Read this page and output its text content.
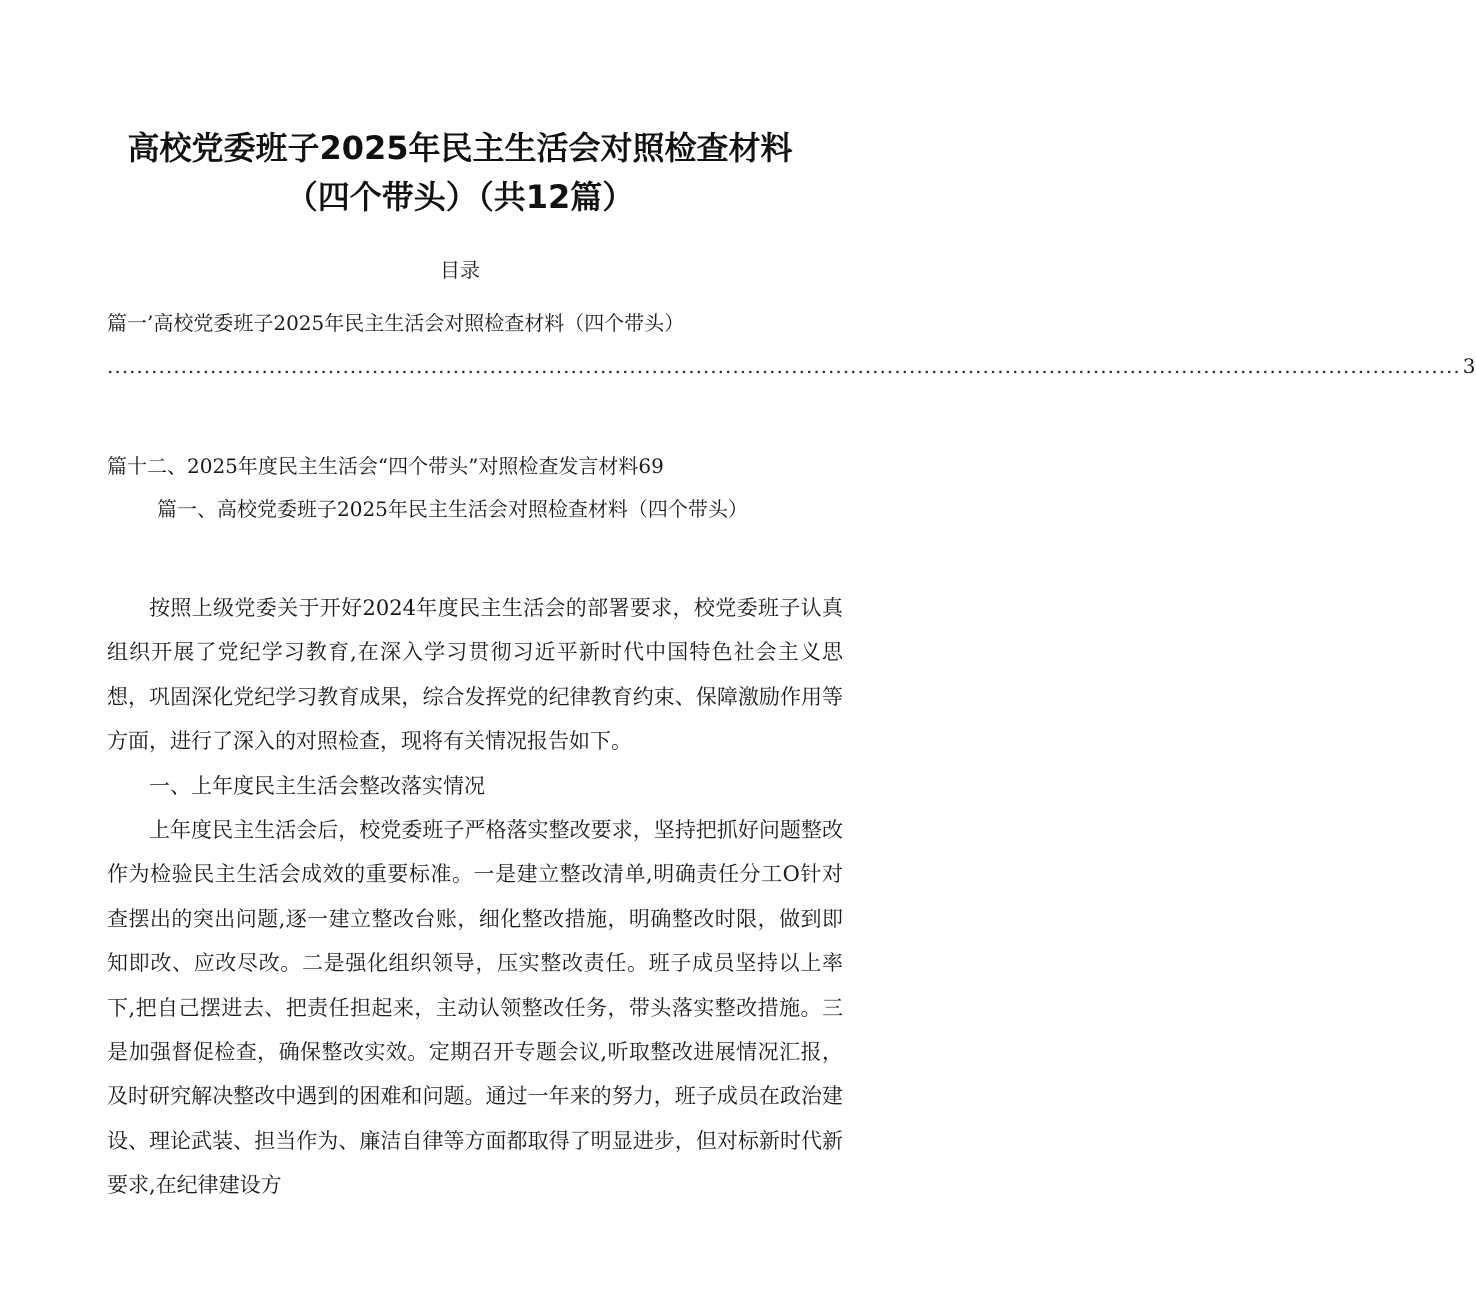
高校党委班子2025年民主生活会对照检查材料
（四个带头）（共12篇）
目录
篇一’高校党委班子2025年民主生活会对照检查材料（四个带头）
........................................................................................................................................................................................ 3
篇十二、2025年度民主生活会“四个带头”对照检查发言材料69
篇一、高校党委班子2025年民主生活会对照检查材料（四个带头）

按照上级党委关于开好2024年度民主生活会的部署要求，校党委班子认真组织开展了党纪学习教育,在深入学习贯彻习近平新时代中国特色社会主义思想，巩固深化党纪学习教育成果，综合发挥党的纪律教育约束、保障激励作用等方面，进行了深入的对照检查，现将有关情况报告如下。

一、上年度民主生活会整改落实情况

上年度民主生活会后，校党委班子严格落实整改要求，坚持把抓好问题整改作为检验民主生活会成效的重要标准。一是建立整改清单,明确责任分工O针对查摆出的突出问题,逐一建立整改台账，细化整改措施，明确整改时限，做到即知即改、应改尽改。二是强化组织领导，压实整改责任。班子成员坚持以上率下,把自己摆进去、把责任担起来，主动认领整改任务，带头落实整改措施。三是加强督促检查，确保整改实效。定期召开专题会议,听取整改进展情况汇报，及时研究解决整改中遇到的困难和问题。通过一年来的努力，班子成员在政治建设、理论武装、担当作为、廉洁自律等方面都取得了明显进步，但对标新时代新要求,在纪律建设方
